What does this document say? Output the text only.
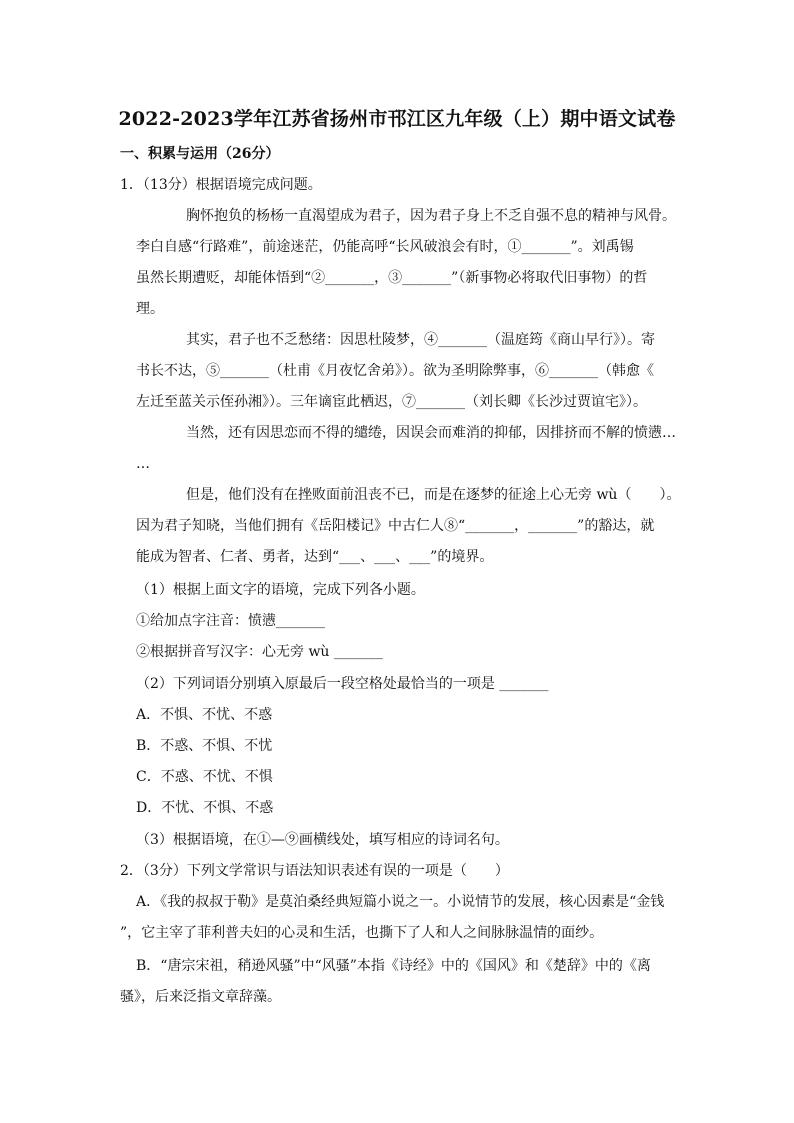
2022-2023学年江苏省扬州市邗江区九年级（上）期中语文试卷
一、积累与运用（26分）
1．（13分）根据语境完成问题。
胸怀抱负的杨杨一直渴望成为君子，因为君子身上不乏自强不息的精神与风骨。
李白自感“行路难”，前途迷茫，仍能高呼“长风破浪会有时，①_______”。刘禹锡
虽然长期遭贬，却能体悟到“②_______，③_______”（新事物必将取代旧事物）的哲
理。
其实，君子也不乏愁绪：因思杜陵梦，④_______（温庭筠《商山早行》）。寄
书长不达，⑤_______（杜甫《月夜忆舍弟》）。欲为圣明除弊事，⑥_______（韩愈《
左迁至蓝关示侄孙湘》）。三年谪宦此栖迟，⑦_______（刘长卿《长沙过贾谊宅》）。
当然，还有因思恋而不得的缱绻，因误会而难消的抑郁，因排挤而不解的愤懑…
…
但是，他们没有在挫败面前沮丧不已，而是在逐梦的征途上心无旁 wù（　　）。
因为君子知晓，当他们拥有《岳阳楼记》中古仁人⑧“_______，_______”的豁达，就
能成为智者、仁者、勇者，达到“___、___、___”的境界。
（1）根据上面文字的语境，完成下列各小题。
①给加点字注音：愤懑_______
②根据拼音写汉字：心无旁 wù _______
（2）下列词语分别填入原最后一段空格处最恰当的一项是 _______
A．不惧、不忧、不惑
B．不惑、不惧、不忧
C．不惑、不忧、不惧
D．不忧、不惧、不惑
（3）根据语境，在①—⑨画横线处，填写相应的诗词名句。
2．（3分）下列文学常识与语法知识表述有误的一项是（　　）
A．《我的叔叔于勒》是莫泊桑经典短篇小说之一。小说情节的发展，核心因素是“金钱
”，它主宰了菲利普夫妇的心灵和生活，也撕下了人和人之间脉脉温情的面纱。
B．“唐宗宋祖，稍逊风骚”中“风骚”本指《诗经》中的《国风》和《楚辞》中的《离
骚》，后来泛指文章辞藻。
